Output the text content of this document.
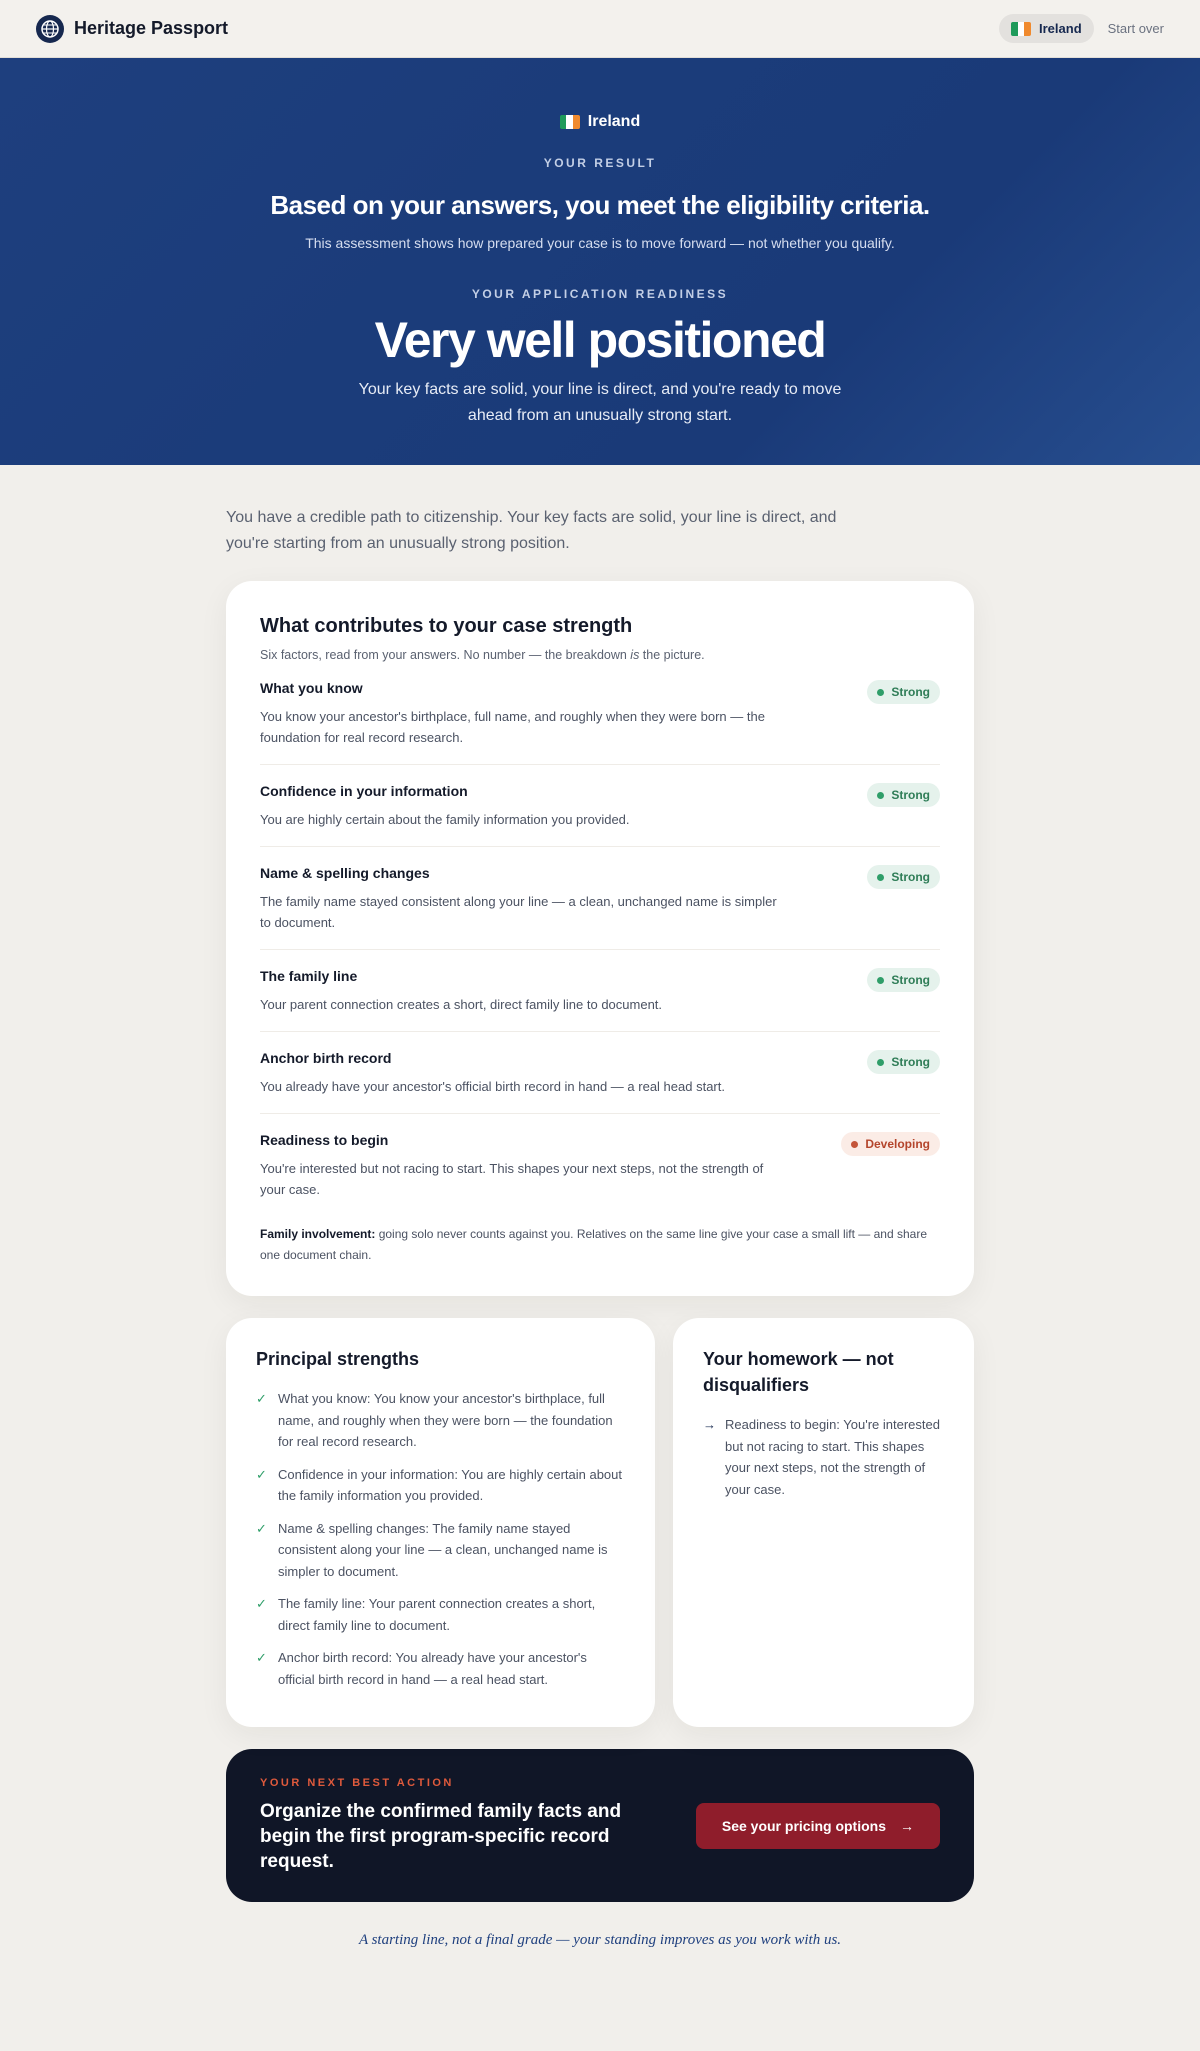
Heritage Passport	Ireland Start over
Ireland
YOUR RESULT
Based on your answers, you meet the eligibility criteria.

This assessment shows how prepared your case is to move forward — not whether you qualify.

YOUR APPLICATION READINESS
Very well positioned

Your key facts are solid, your line is direct, and you're ready to move ahead from an unusually strong start.

You have a credible path to citizenship. Your key facts are solid, your line is direct, and you're starting from an unusually strong position.

What contributes to your case strength

Six factors, read from your answers. No number — the breakdown is the picture.

What you know
You know your ancestor's birthplace, full name, and roughly when they were born — the foundation for real record research.
Strong
Confidence in your information
You are highly certain about the family information you provided.
Strong
Name & spelling changes
The family name stayed consistent along your line — a clean, unchanged name is simpler to document.
Strong
The family line
Your parent connection creates a short, direct family line to document.
Strong
Anchor birth record
You already have your ancestor's official birth record in hand — a real head start.
Strong
Readiness to begin
You're interested but not racing to start. This shapes your next steps, not the strength of your case.
Developing

Family involvement: going solo never counts against you. Relatives on the same line give your case a small lift — and share one document chain.

Principal strengths
✓ What you know: You know your ancestor's birthplace, full name, and roughly when they were born — the foundation for real record research.
✓ Confidence in your information: You are highly certain about the family information you provided.
✓ Name & spelling changes: The family name stayed consistent along your line — a clean, unchanged name is simpler to document.
✓ The family line: Your parent connection creates a short, direct family line to document.
✓ Anchor birth record: You already have your ancestor's official birth record in hand — a real head start.
Your homework — not disqualifiers
→ Readiness to begin: You're interested but not racing to start. This shapes your next steps, not the strength of your case.
YOUR NEXT BEST ACTION
Organize the confirmed family facts and begin the first program-specific record request.
See your pricing options →

A starting line, not a final grade — your standing improves as you work with us.
